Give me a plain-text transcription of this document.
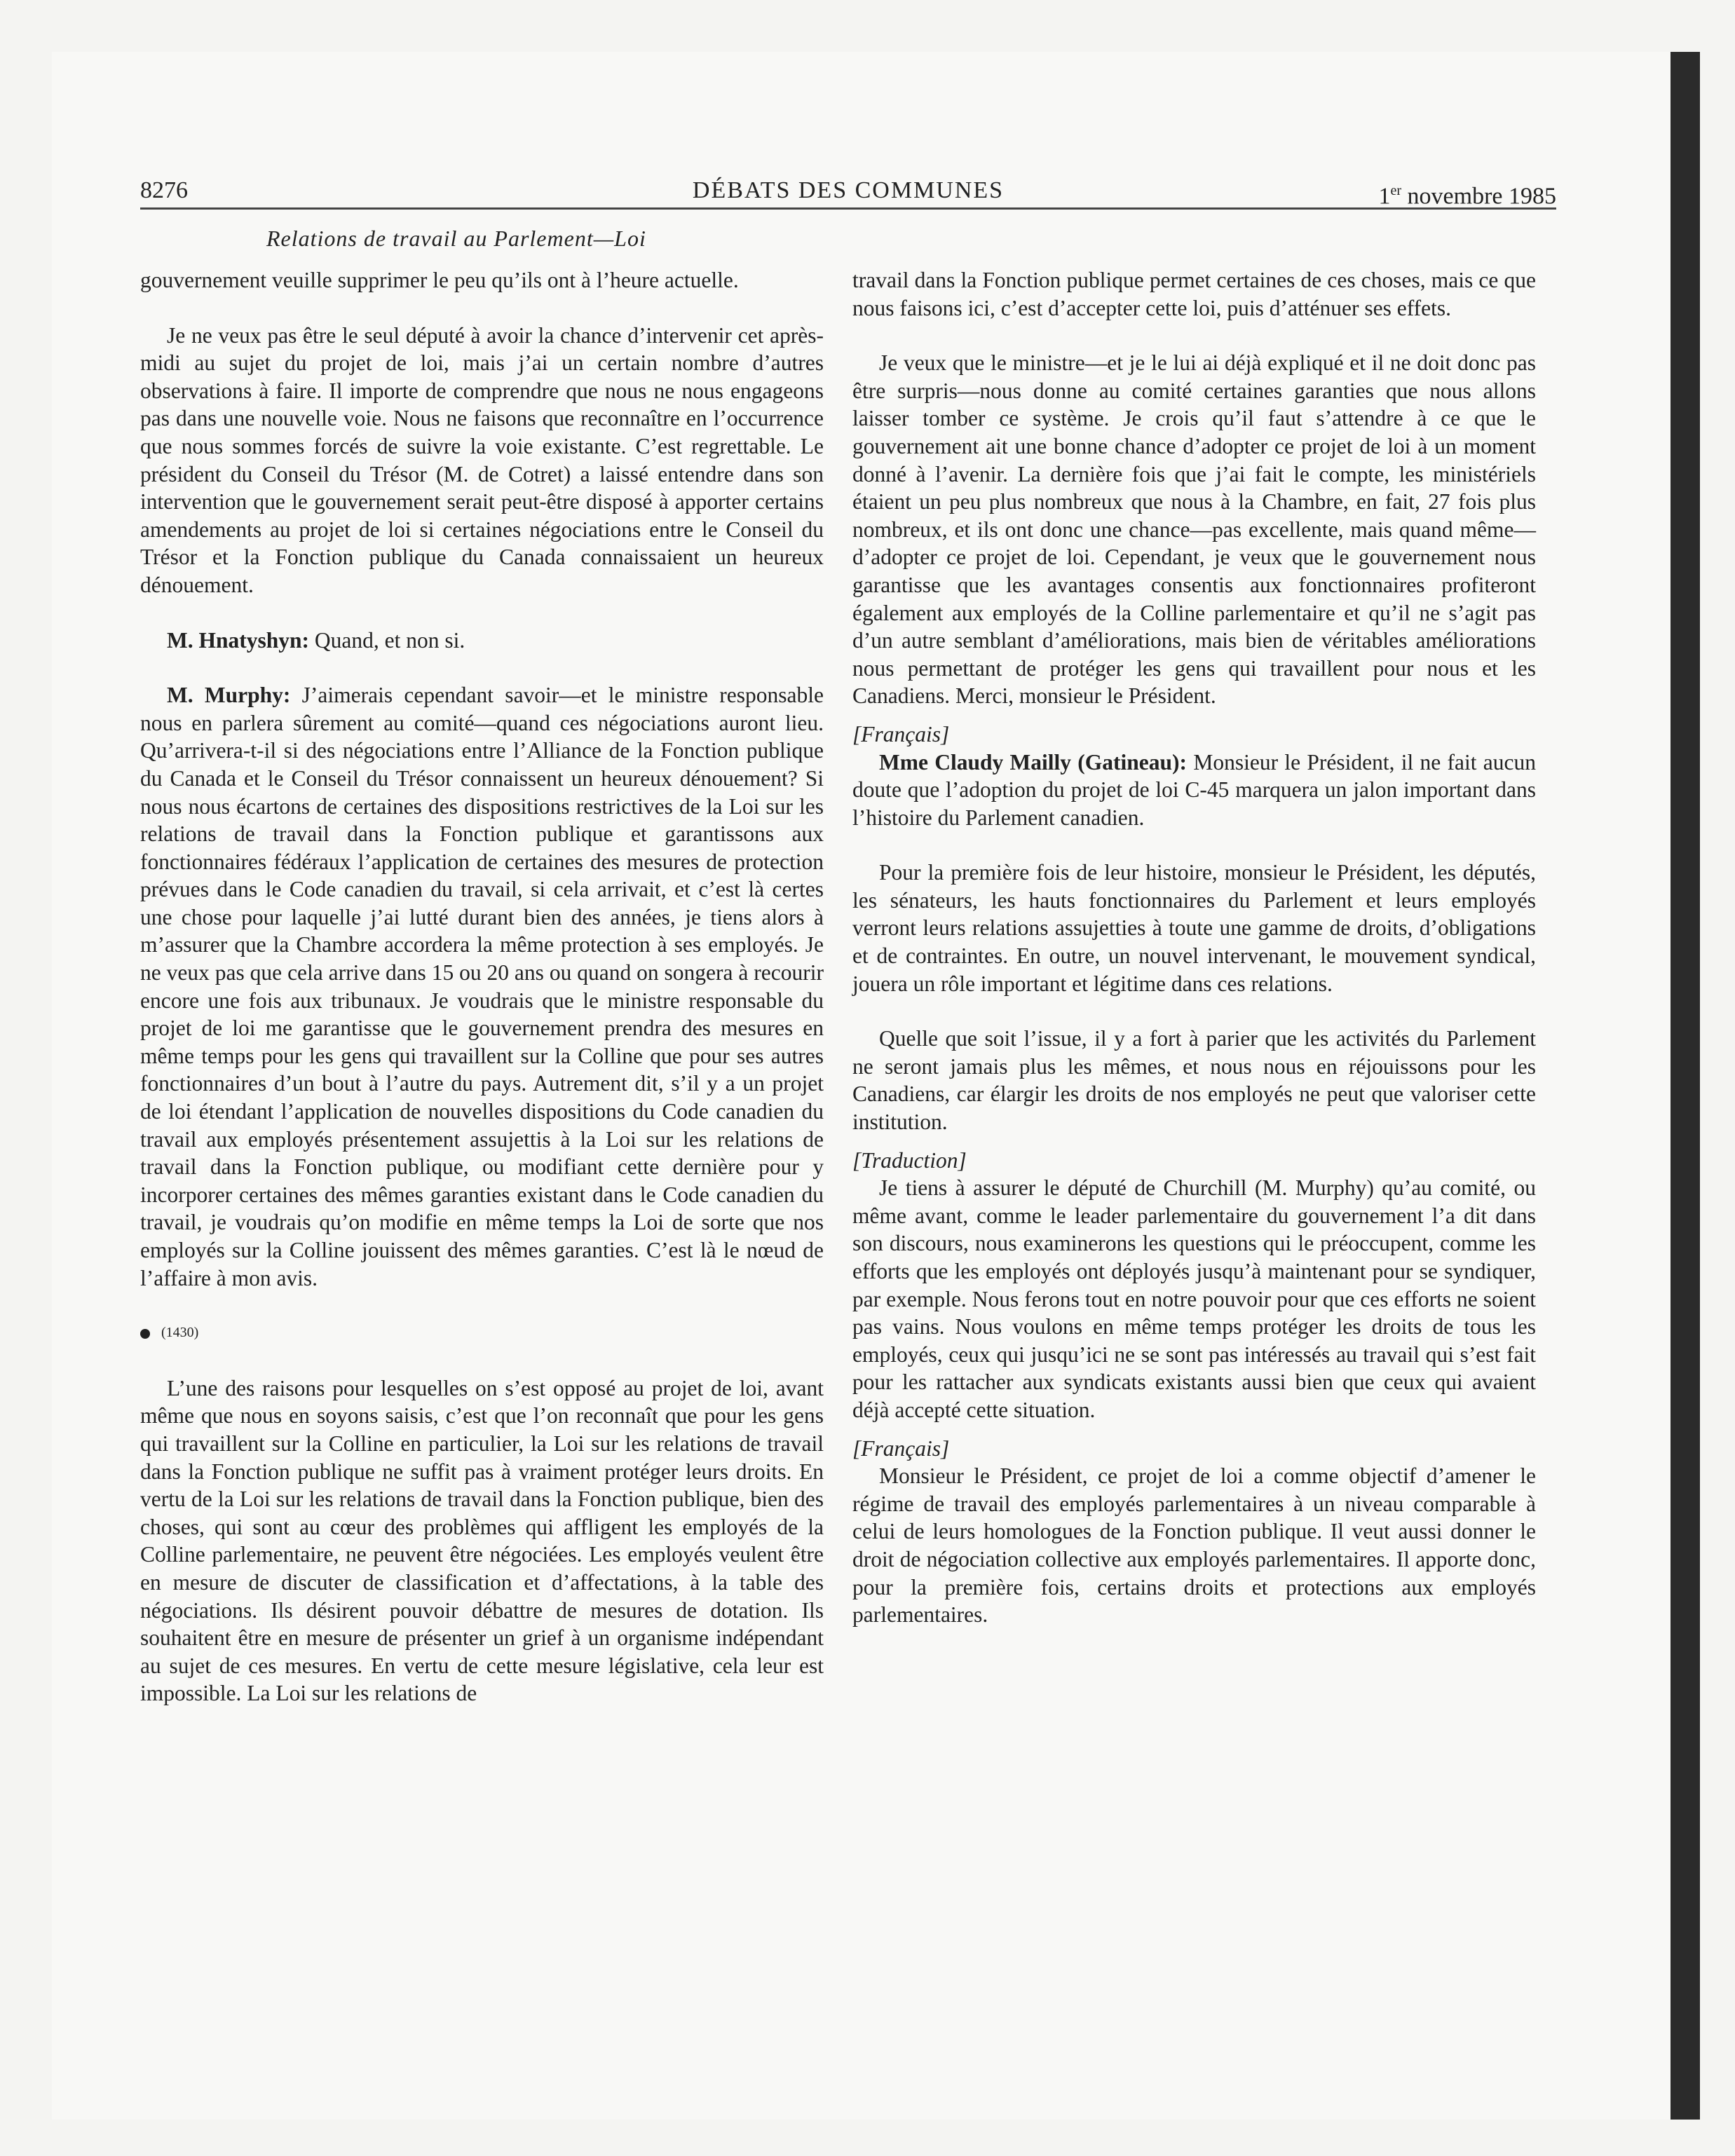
8276	DÉBATS DES COMMUNES	1er novembre 1985
Relations de travail au Parlement—Loi

gouvernement veuille supprimer le peu qu’ils ont à l’heure actuelle.

Je ne veux pas être le seul député à avoir la chance d’intervenir cet après-midi au sujet du projet de loi, mais j’ai un certain nombre d’autres observations à faire. Il importe de comprendre que nous ne nous engageons pas dans une nouvelle voie. Nous ne faisons que reconnaître en l’occurrence que nous sommes forcés de suivre la voie existante. C’est regrettable. Le président du Conseil du Trésor (M. de Cotret) a laissé entendre dans son intervention que le gouvernement serait peut-être disposé à apporter certains amendements au projet de loi si certaines négociations entre le Conseil du Trésor et la Fonction publique du Canada connaissaient un heureux dénouement.

M. Hnatyshyn: Quand, et non si.

M. Murphy: J’aimerais cependant savoir—et le ministre responsable nous en parlera sûrement au comité—quand ces négociations auront lieu. Qu’arrivera-t-il si des négociations entre l’Alliance de la Fonction publique du Canada et le Conseil du Trésor connaissent un heureux dénouement? Si nous nous écartons de certaines des dispositions restrictives de la Loi sur les relations de travail dans la Fonction publique et garantissons aux fonctionnaires fédéraux l’application de certaines des mesures de protection prévues dans le Code canadien du travail, si cela arrivait, et c’est là certes une chose pour laquelle j’ai lutté durant bien des années, je tiens alors à m’assurer que la Chambre accordera la même protection à ses employés. Je ne veux pas que cela arrive dans 15 ou 20 ans ou quand on songera à recourir encore une fois aux tribunaux. Je voudrais que le ministre responsable du projet de loi me garantisse que le gouvernement prendra des mesures en même temps pour les gens qui travaillent sur la Colline que pour ses autres fonctionnaires d’un bout à l’autre du pays. Autrement dit, s’il y a un projet de loi étendant l’application de nouvelles dispositions du Code canadien du travail aux employés présentement assujettis à la Loi sur les relations de travail dans la Fonction publique, ou modifiant cette dernière pour y incorporer certaines des mêmes garanties existant dans le Code canadien du travail, je voudrais qu’on modifie en même temps la Loi de sorte que nos employés sur la Colline jouissent des mêmes garanties. C’est là le nœud de l’affaire à mon avis.

(1430)

L’une des raisons pour lesquelles on s’est opposé au projet de loi, avant même que nous en soyons saisis, c’est que l’on reconnaît que pour les gens qui travaillent sur la Colline en particulier, la Loi sur les relations de travail dans la Fonction publique ne suffit pas à vraiment protéger leurs droits. En vertu de la Loi sur les relations de travail dans la Fonction publique, bien des choses, qui sont au cœur des problèmes qui affligent les employés de la Colline parlementaire, ne peuvent être négociées. Les employés veulent être en mesure de discuter de classification et d’affectations, à la table des négociations. Ils désirent pouvoir débattre de mesures de dotation. Ils souhaitent être en mesure de présenter un grief à un organisme indépendant au sujet de ces mesures. En vertu de cette mesure législative, cela leur est impossible. La Loi sur les relations de

travail dans la Fonction publique permet certaines de ces choses, mais ce que nous faisons ici, c’est d’accepter cette loi, puis d’atténuer ses effets.

Je veux que le ministre—et je le lui ai déjà expliqué et il ne doit donc pas être surpris—nous donne au comité certaines garanties que nous allons laisser tomber ce système. Je crois qu’il faut s’attendre à ce que le gouvernement ait une bonne chance d’adopter ce projet de loi à un moment donné à l’avenir. La dernière fois que j’ai fait le compte, les ministériels étaient un peu plus nombreux que nous à la Chambre, en fait, 27 fois plus nombreux, et ils ont donc une chance—pas excellente, mais quand même—d’adopter ce projet de loi. Cependant, je veux que le gouvernement nous garantisse que les avantages consentis aux fonctionnaires profiteront également aux employés de la Colline parlementaire et qu’il ne s’agit pas d’un autre semblant d’améliorations, mais bien de véritables améliorations nous permettant de protéger les gens qui travaillent pour nous et les Canadiens. Merci, monsieur le Président.

[Français]

Mme Claudy Mailly (Gatineau): Monsieur le Président, il ne fait aucun doute que l’adoption du projet de loi C-45 marquera un jalon important dans l’histoire du Parlement canadien.

Pour la première fois de leur histoire, monsieur le Président, les députés, les sénateurs, les hauts fonctionnaires du Parlement et leurs employés verront leurs relations assujetties à toute une gamme de droits, d’obligations et de contraintes. En outre, un nouvel intervenant, le mouvement syndical, jouera un rôle important et légitime dans ces relations.

Quelle que soit l’issue, il y a fort à parier que les activités du Parlement ne seront jamais plus les mêmes, et nous nous en réjouissons pour les Canadiens, car élargir les droits de nos employés ne peut que valoriser cette institution.

[Traduction]

Je tiens à assurer le député de Churchill (M. Murphy) qu’au comité, ou même avant, comme le leader parlementaire du gouvernement l’a dit dans son discours, nous examinerons les questions qui le préoccupent, comme les efforts que les employés ont déployés jusqu’à maintenant pour se syndiquer, par exemple. Nous ferons tout en notre pouvoir pour que ces efforts ne soient pas vains. Nous voulons en même temps protéger les droits de tous les employés, ceux qui jusqu’ici ne se sont pas intéressés au travail qui s’est fait pour les rattacher aux syndicats existants aussi bien que ceux qui avaient déjà accepté cette situation.

[Français]

Monsieur le Président, ce projet de loi a comme objectif d’amener le régime de travail des employés parlementaires à un niveau comparable à celui de leurs homologues de la Fonction publique. Il veut aussi donner le droit de négociation collective aux employés parlementaires. Il apporte donc, pour la première fois, certains droits et protections aux employés parlementaires.
